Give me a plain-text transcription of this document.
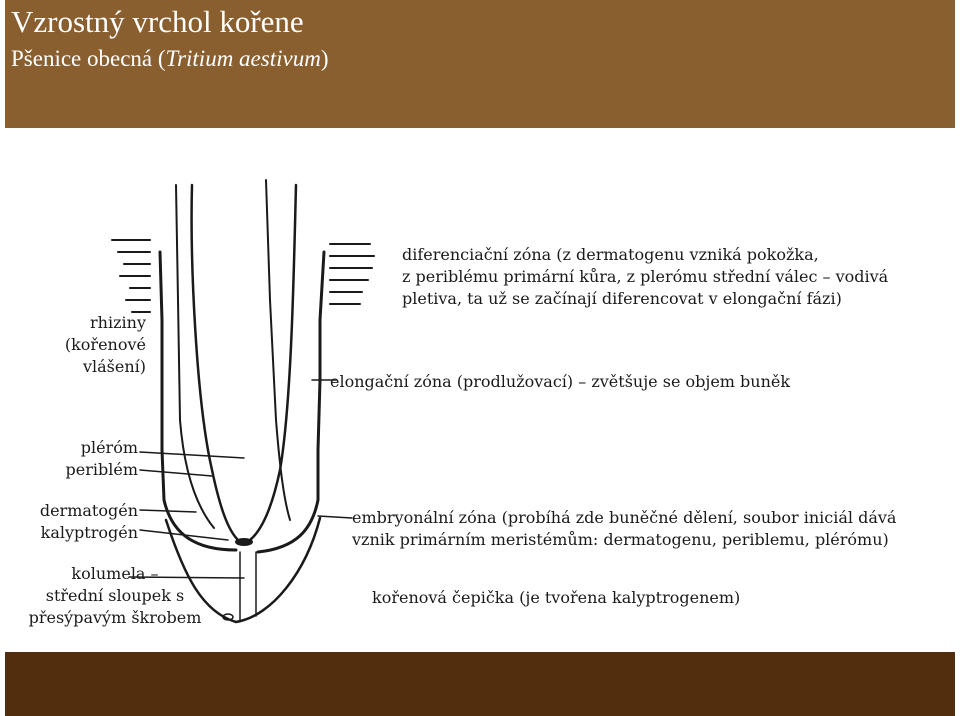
Vzrostný vrchol kořene
Pšenice obecná (Tritium aestivum)
rhiziny
(kořenové
vlášení)
pléróm
periblém
dermatogén
kalyptrogén
kolumela –
střední sloupek s
přesýpavým škrobem
diferenciační zóna (z dermatogenu vzniká pokožka,
z periblému primární kůra, z plerómu střední válec – vodivá
pletiva, ta už se začínají diferencovat v elongační fázi)
elongační zóna (prodlužovací) – zvětšuje se objem buněk
embryonální zóna (probíhá zde buněčné dělení, soubor iniciál dává
vznik primárním meristémům: dermatogenu, periblemu, plérómu)
kořenová čepička (je tvořena kalyptrogenem)
